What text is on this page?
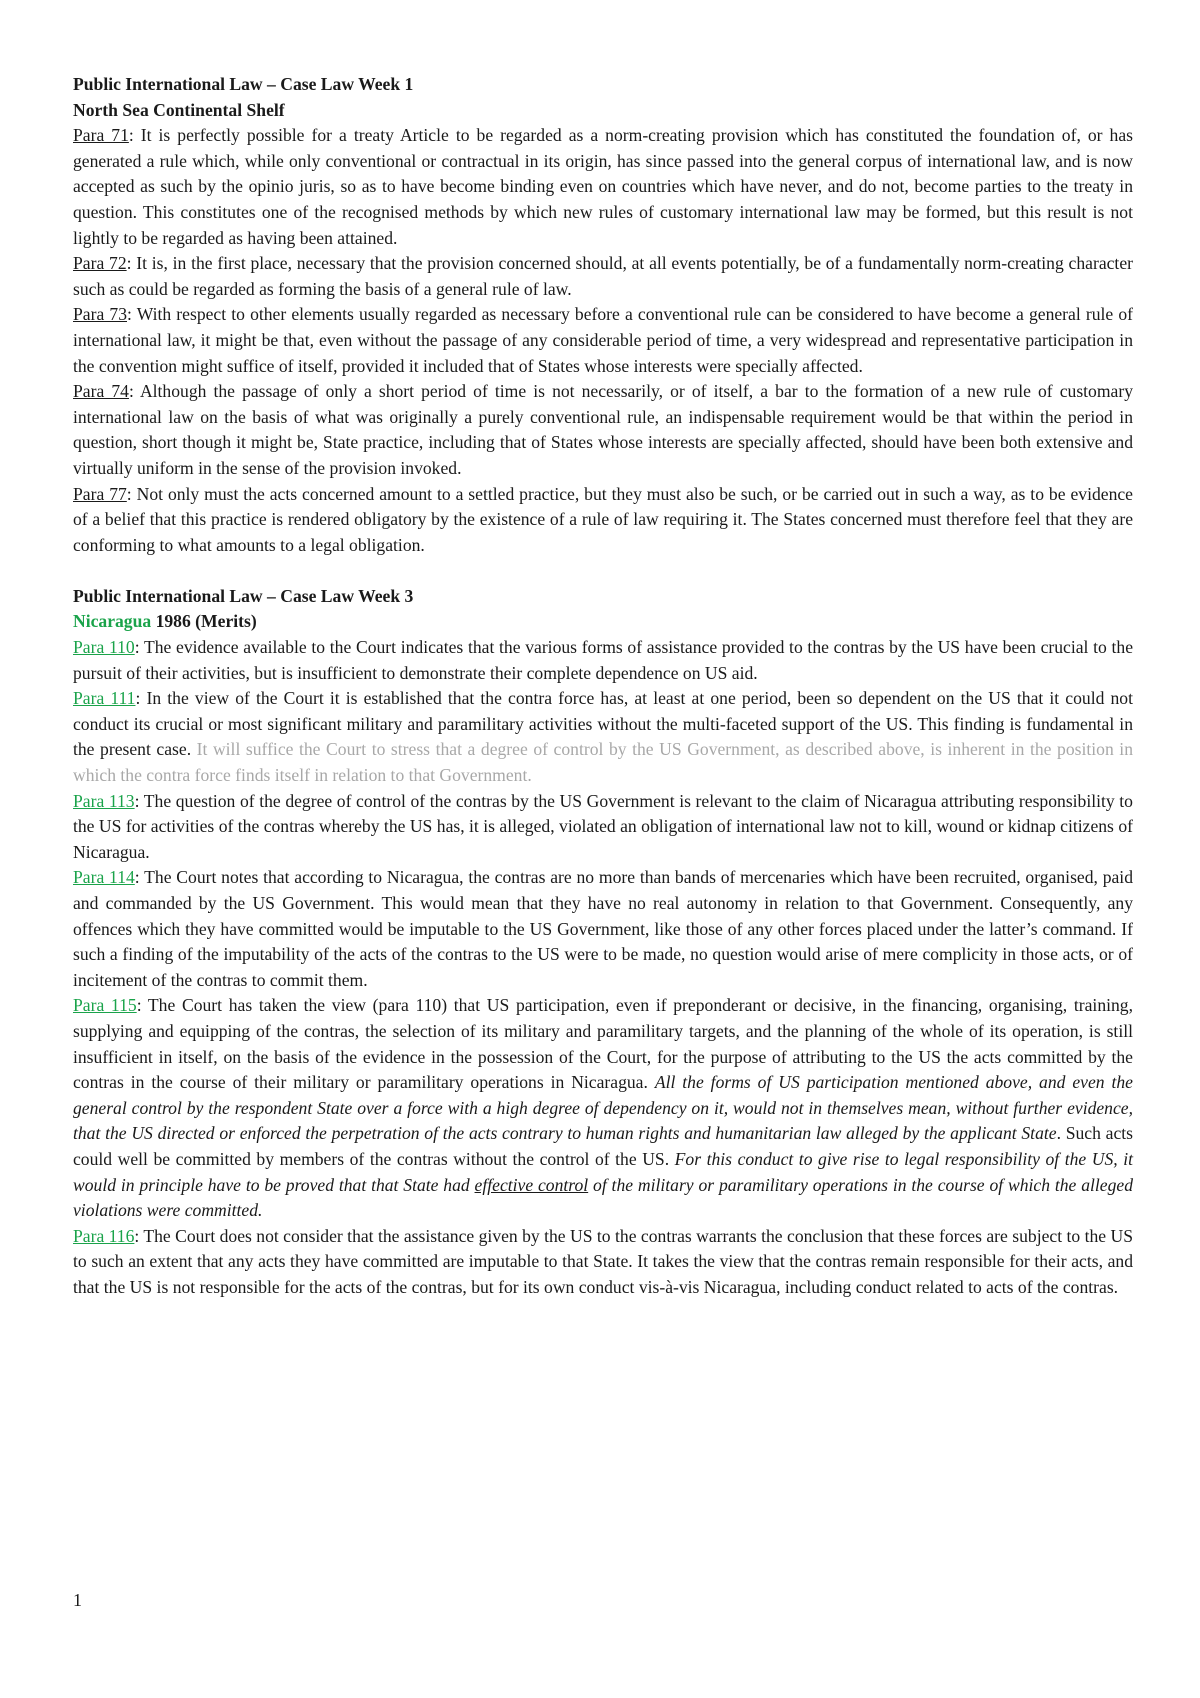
Public International Law – Case Law Week 1

North Sea Continental Shelf

Para 71: It is perfectly possible for a treaty Article to be regarded as a norm-creating provision which has constituted the foundation of, or has generated a rule which, while only conventional or contractual in its origin, has since passed into the general corpus of international law, and is now accepted as such by the opinio juris, so as to have become binding even on countries which have never, and do not, become parties to the treaty in question. This constitutes one of the recognised methods by which new rules of customary international law may be formed, but this result is not lightly to be regarded as having been attained.

Para 72: It is, in the first place, necessary that the provision concerned should, at all events potentially, be of a fundamentally norm-creating character such as could be regarded as forming the basis of a general rule of law.

Para 73: With respect to other elements usually regarded as necessary before a conventional rule can be considered to have become a general rule of international law, it might be that, even without the passage of any considerable period of time, a very widespread and representative participation in the convention might suffice of itself, provided it included that of States whose interests were specially affected.

Para 74: Although the passage of only a short period of time is not necessarily, or of itself, a bar to the formation of a new rule of customary international law on the basis of what was originally a purely conventional rule, an indispensable requirement would be that within the period in question, short though it might be, State practice, including that of States whose interests are specially affected, should have been both extensive and virtually uniform in the sense of the provision invoked.

Para 77: Not only must the acts concerned amount to a settled practice, but they must also be such, or be carried out in such a way, as to be evidence of a belief that this practice is rendered obligatory by the existence of a rule of law requiring it. The States concerned must therefore feel that they are conforming to what amounts to a legal obligation.

Public International Law – Case Law Week 3

Nicaragua 1986 (Merits)

Para 110: The evidence available to the Court indicates that the various forms of assistance provided to the contras by the US have been crucial to the pursuit of their activities, but is insufficient to demonstrate their complete dependence on US aid.

Para 111: In the view of the Court it is established that the contra force has, at least at one period, been so dependent on the US that it could not conduct its crucial or most significant military and paramilitary activities without the multi-faceted support of the US. This finding is fundamental in the present case. It will suffice the Court to stress that a degree of control by the US Government, as described above, is inherent in the position in which the contra force finds itself in relation to that Government.

Para 113: The question of the degree of control of the contras by the US Government is relevant to the claim of Nicaragua attributing responsibility to the US for activities of the contras whereby the US has, it is alleged, violated an obligation of international law not to kill, wound or kidnap citizens of Nicaragua.

Para 114: The Court notes that according to Nicaragua, the contras are no more than bands of mercenaries which have been recruited, organised, paid and commanded by the US Government. This would mean that they have no real autonomy in relation to that Government. Consequently, any offences which they have committed would be imputable to the US Government, like those of any other forces placed under the latter’s command. If such a finding of the imputability of the acts of the contras to the US were to be made, no question would arise of mere complicity in those acts, or of incitement of the contras to commit them.

Para 115: The Court has taken the view (para 110) that US participation, even if preponderant or decisive, in the financing, organising, training, supplying and equipping of the contras, the selection of its military and paramilitary targets, and the planning of the whole of its operation, is still insufficient in itself, on the basis of the evidence in the possession of the Court, for the purpose of attributing to the US the acts committed by the contras in the course of their military or paramilitary operations in Nicaragua. All the forms of US participation mentioned above, and even the general control by the respondent State over a force with a high degree of dependency on it, would not in themselves mean, without further evidence, that the US directed or enforced the perpetration of the acts contrary to human rights and humanitarian law alleged by the applicant State. Such acts could well be committed by members of the contras without the control of the US. For this conduct to give rise to legal responsibility of the US, it would in principle have to be proved that that State had effective control of the military or paramilitary operations in the course of which the alleged violations were committed.

Para 116: The Court does not consider that the assistance given by the US to the contras warrants the conclusion that these forces are subject to the US to such an extent that any acts they have committed are imputable to that State. It takes the view that the contras remain responsible for their acts, and that the US is not responsible for the acts of the contras, but for its own conduct vis-à-vis Nicaragua, including conduct related to acts of the contras.

1
